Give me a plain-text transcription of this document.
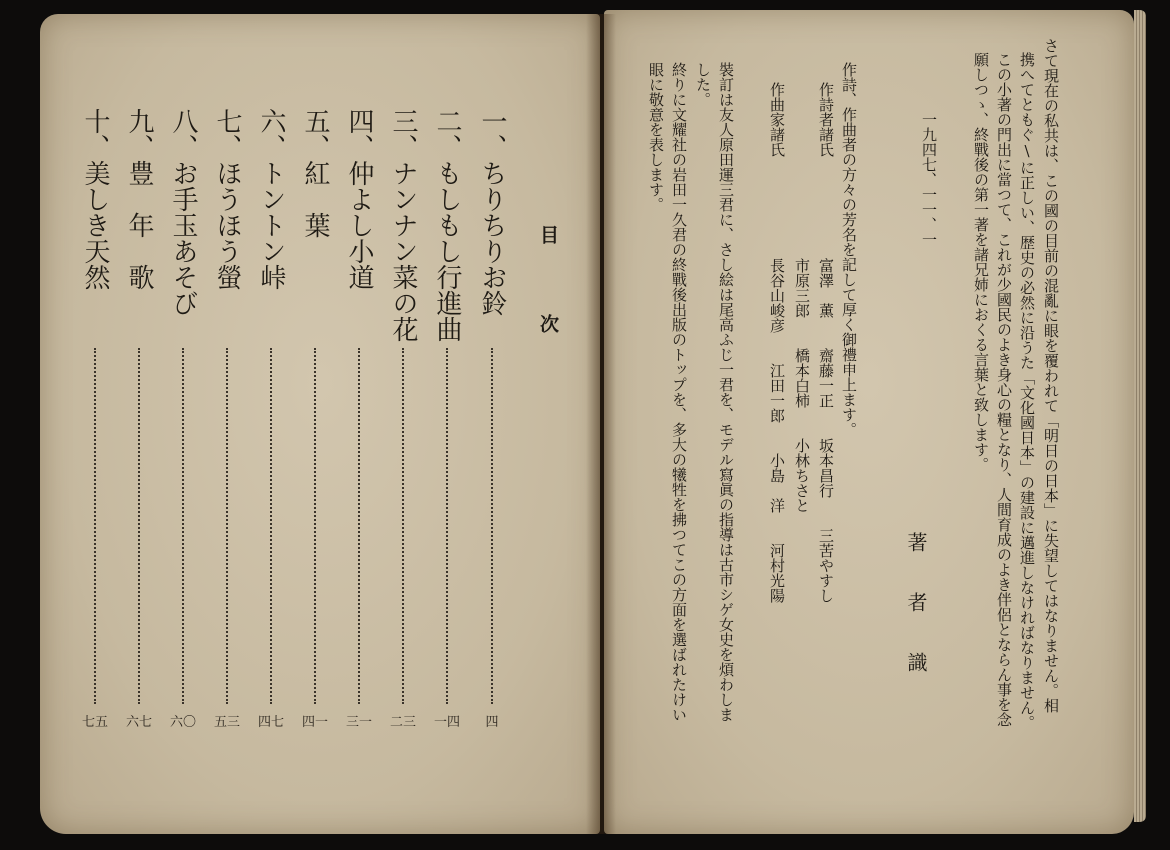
目次
一、ちりちりお鈴
四
二、もしもし行進曲
一四
三、ナンナン菜の花
二三
四、仲よし小道
三一
五、紅　葉
四一
六、トントン峠
四七
七、ほうほう螢
五三
八、お手玉あそび
六〇
九、豊　年　歌
六七
十、美しき天然
七五
さて現在の私共は、この國の目前の混亂に眼を覆われて「明日の日本」に失望してはなりません。相
携へてともぐ\に正しい、歴史の必然に沿うた「文化國日本」の建設に邁進しなければなりません。
この小著の門出に當つて、これが少國民のよき身心の糧となり、人間育成のよき伴侶とならん事を念
願しつゝ、終戰後の第一著を諸兄姉におくる言葉と致します。
一九四七、一一、一
著　　者　　識
作詩、作曲者の方々の芳名を記して厚く御禮申上ます。
作詩者諸氏
富澤　薫　　齋藤一正　　坂本昌行　　三苦やすし
市原三郎　　橋本白柿　　小林ちさと
作曲家諸氏
長谷山峻彦　　江田一郎　　小島　洋　　河村光陽
裝訂は友人原田運三君に、さし絵は尾高ふじ一君を、モデル寫眞の指導は古市シゲ女史を煩わしま
した。
終りに文耀社の岩田一久君の終戰後出版のトップを、多大の犧牲を拂つてこの方面を選ばれたけい
眼に敬意を表します。
